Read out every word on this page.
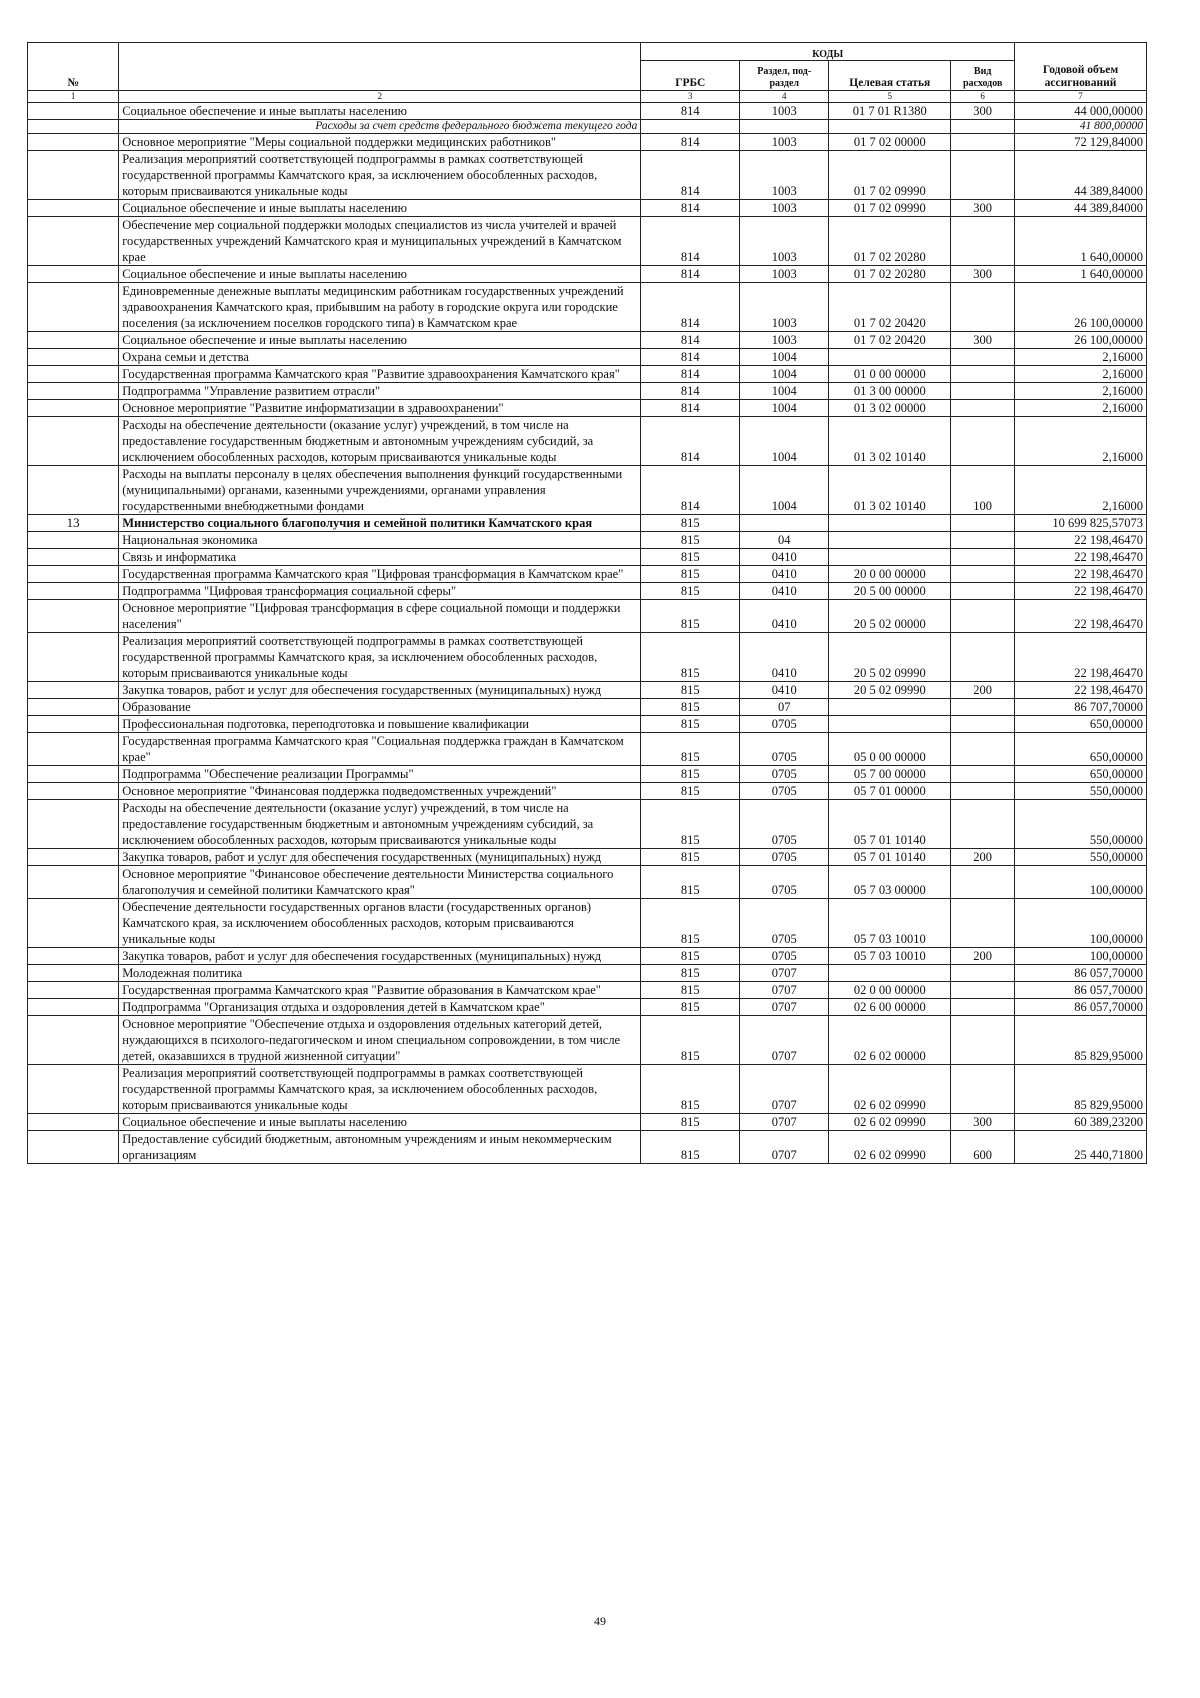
№		КОДЫ				Годовой объем ассигнований
		ГРБС	Раздел, под-раздел	Целевая статья	Вид расходов	
1	2	3	4	5	6	7
	Социальное обеспечение и иные выплаты населению	814	1003	01 7 01 R1380	300	44 000,00000
	Расходы за счет средств федерального бюджета текущего года					41 800,00000
	Основное мероприятие "Меры социальной поддержки медицинских работников"	814	1003	01 7 02 00000		72 129,84000
	Реализация мероприятий соответствующей подпрограммы в рамках соответствующей государственной программы Камчатского края, за исключением обособленных расходов, которым присваиваются уникальные коды	814	1003	01 7 02 09990		44 389,84000
	Социальное обеспечение и иные выплаты населению	814	1003	01 7 02 09990	300	44 389,84000
	Обеспечение мер социальной поддержки молодых специалистов из числа учителей и врачей государственных учреждений Камчатского края и муниципальных учреждений в Камчатском крае	814	1003	01 7 02 20280		1 640,00000
	Социальное обеспечение и иные выплаты населению	814	1003	01 7 02 20280	300	1 640,00000
	Единовременные денежные выплаты медицинским работникам государственных учреждений здравоохранения Камчатского края, прибывшим на работу в городские округа или городские поселения (за исключением поселков городского типа) в Камчатском крае	814	1003	01 7 02 20420		26 100,00000
	Социальное обеспечение и иные выплаты населению	814	1003	01 7 02 20420	300	26 100,00000
	Охрана семьи и детства	814	1004			2,16000
	Государственная программа Камчатского края "Развитие здравоохранения Камчатского края"	814	1004	01 0 00 00000		2,16000
	Подпрограмма "Управление развитием отрасли"	814	1004	01 3 00 00000		2,16000
	Основное мероприятие "Развитие информатизации в здравоохранении"	814	1004	01 3 02 00000		2,16000
	Расходы на обеспечение деятельности (оказание услуг) учреждений, в том числе на предоставление государственным бюджетным и автономным учреждениям субсидий, за исключением обособленных расходов, которым присваиваются уникальные коды	814	1004	01 3 02 10140		2,16000
	Расходы на выплаты персоналу в целях обеспечения выполнения функций государственными (муниципальными) органами, казенными учреждениями, органами управления государственными внебюджетными фондами	814	1004	01 3 02 10140	100	2,16000
13	Министерство социального благополучия и семейной политики Камчатского края	815				10 699 825,57073
	Национальная экономика	815	04			22 198,46470
	Связь и информатика	815	0410			22 198,46470
	Государственная программа Камчатского края "Цифровая трансформация в Камчатском крае"	815	0410	20 0 00 00000		22 198,46470
	Подпрограмма "Цифровая трансформация социальной сферы"	815	0410	20 5 00 00000		22 198,46470
	Основное мероприятие "Цифровая трансформация в сфере социальной помощи и поддержки населения"	815	0410	20 5 02 00000		22 198,46470
	Реализация мероприятий соответствующей подпрограммы в рамках соответствующей государственной программы Камчатского края, за исключением обособленных расходов, которым присваиваются уникальные коды	815	0410	20 5 02 09990		22 198,46470
	Закупка товаров, работ и услуг для обеспечения государственных (муниципальных) нужд	815	0410	20 5 02 09990	200	22 198,46470
	Образование	815	07			86 707,70000
	Профессиональная подготовка, переподготовка и повышение квалификации	815	0705			650,00000
	Государственная программа Камчатского края "Социальная поддержка граждан в Камчатском крае"	815	0705	05 0 00 00000		650,00000
	Подпрограмма "Обеспечение реализации Программы"	815	0705	05 7 00 00000		650,00000
	Основное мероприятие "Финансовая поддержка подведомственных учреждений"	815	0705	05 7 01 00000		550,00000
	Расходы на обеспечение деятельности (оказание услуг) учреждений, в том числе на предоставление государственным бюджетным и автономным учреждениям субсидий, за исключением обособленных расходов, которым присваиваются уникальные коды	815	0705	05 7 01 10140		550,00000
	Закупка товаров, работ и услуг для обеспечения государственных (муниципальных) нужд	815	0705	05 7 01 10140	200	550,00000
	Основное мероприятие "Финансовое обеспечение деятельности Министерства социального благополучия и семейной политики Камчатского края"	815	0705	05 7 03 00000		100,00000
	Обеспечение деятельности государственных органов власти (государственных органов) Камчатского края, за исключением обособленных расходов, которым присваиваются уникальные коды	815	0705	05 7 03 10010		100,00000
	Закупка товаров, работ и услуг для обеспечения государственных (муниципальных) нужд	815	0705	05 7 03 10010	200	100,00000
	Молодежная политика	815	0707			86 057,70000
	Государственная программа Камчатского края "Развитие образования в Камчатском крае"	815	0707	02 0 00 00000		86 057,70000
	Подпрограмма "Организация отдыха и оздоровления детей в Камчатском крае"	815	0707	02 6 00 00000		86 057,70000
	Основное мероприятие "Обеспечение отдыха и оздоровления отдельных категорий детей, нуждающихся в психолого-педагогическом и ином специальном сопровождении, в том числе детей, оказавшихся в трудной жизненной ситуации"	815	0707	02 6 02 00000		85 829,95000
	Реализация мероприятий соответствующей подпрограммы в рамках соответствующей государственной программы Камчатского края, за исключением обособленных расходов, которым присваиваются уникальные коды	815	0707	02 6 02 09990		85 829,95000
	Социальное обеспечение и иные выплаты населению	815	0707	02 6 02 09990	300	60 389,23200
	Предоставление субсидий бюджетным, автономным учреждениям и иным некоммерческим организациям	815	0707	02 6 02 09990	600	25 440,71800
49
